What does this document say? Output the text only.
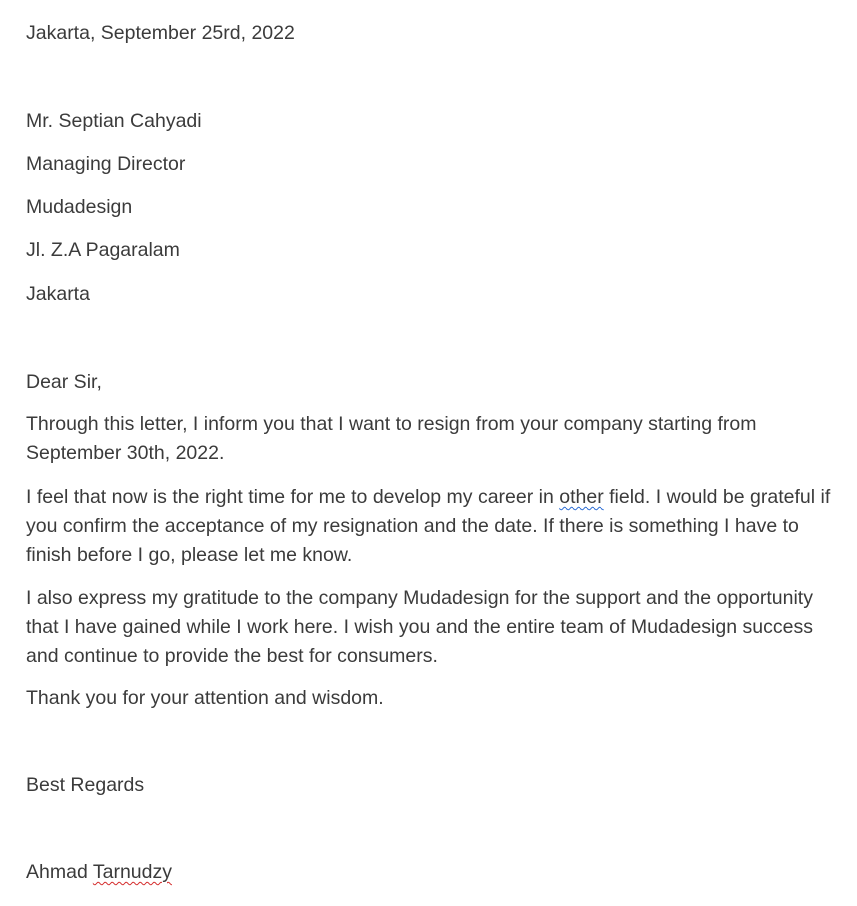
Jakarta, September 25rd, 2022
Mr. Septian Cahyadi
Managing Director
Mudadesign
Jl. Z.A Pagaralam
Jakarta
Dear Sir,
Through this letter, I inform you that I want to resign from your company starting from September 30th, 2022.
I feel that now is the right time for me to develop my career in other field. I would be grateful if you confirm the acceptance of my resignation and the date. If there is something I have to finish before I go, please let me know.
I also express my gratitude to the company Mudadesign for the support and the opportunity that I have gained while I work here. I wish you and the entire team of Mudadesign success and continue to provide the best for consumers.
Thank you for your attention and wisdom.
Best Regards
Ahmad Tarnudzy
